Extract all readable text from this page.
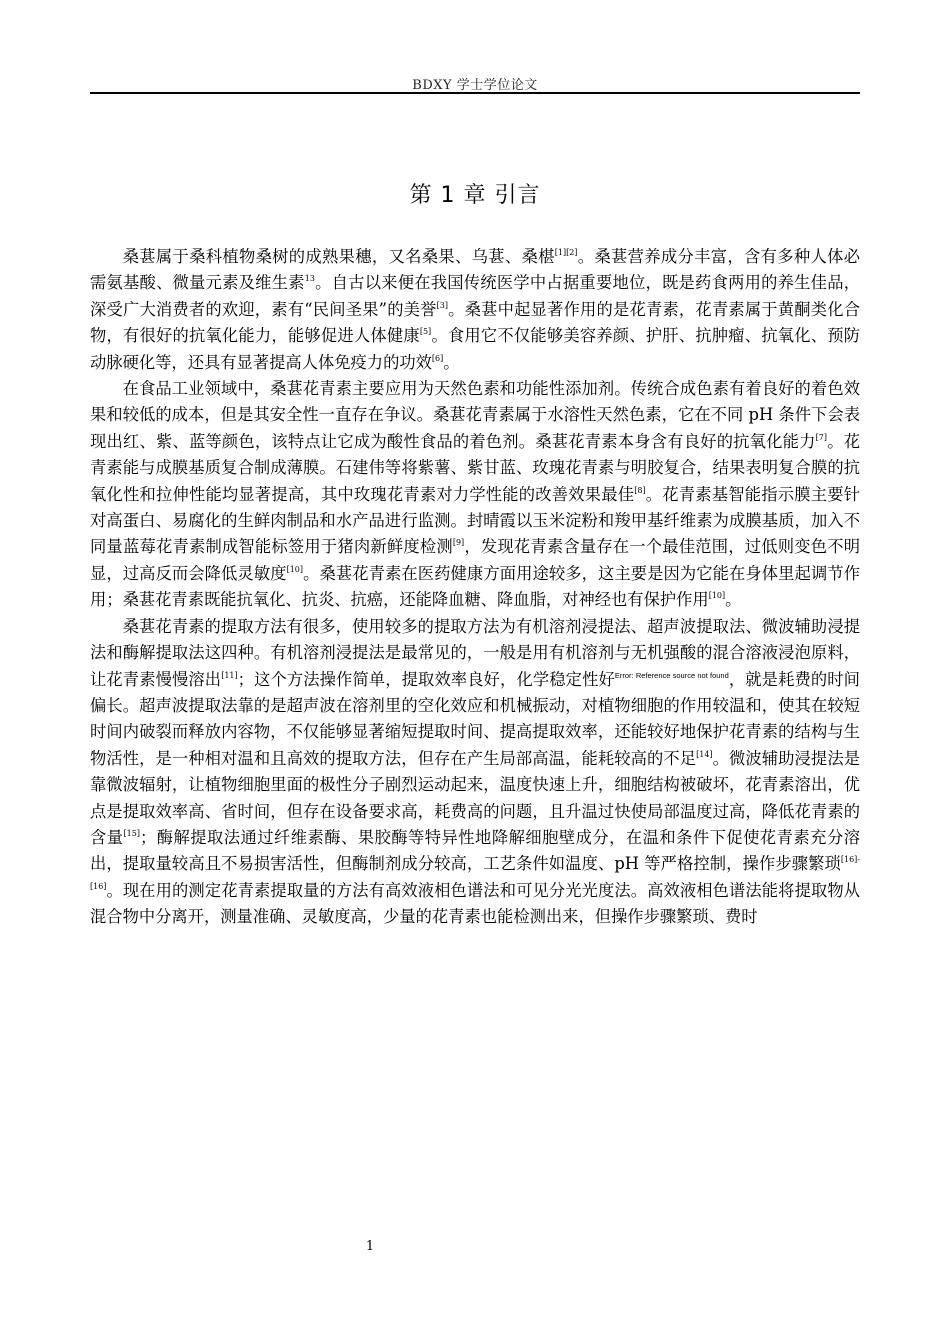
BDXY 学士学位论文
第 1 章 引言

桑葚属于桑科植物桑树的成熟果穗，又名桑果、乌葚、桑椹[1][2]。桑葚营养成分丰富，含有多种人体必需氨基酸、微量元素及维生素$^{13}$。自古以来便在我国传统医学中占据重要地位，既是药食两用的养生佳品，深受广大消费者的欢迎，素有“民间圣果”的美誉[3]。桑葚中起显著作用的是花青素，花青素属于黄酮类化合物，有很好的抗氧化能力，能够促进人体健康[5]。食用它不仅能够美容养颜、护肝、抗肿瘤、抗氧化、预防动脉硬化等，还具有显著提高人体免疫力的功效[6]。

在食品工业领域中，桑葚花青素主要应用为天然色素和功能性添加剂。传统合成色素有着良好的着色效果和较低的成本，但是其安全性一直存在争议。桑葚花青素属于水溶性天然色素，它在不同 pH 条件下会表现出红、紫、蓝等颜色，该特点让它成为酸性食品的着色剂。桑葚花青素本身含有良好的抗氧化能力[7]。花青素能与成膜基质复合制成薄膜。石建伟等将紫薯、紫甘蓝、玫瑰花青素与明胶复合，结果表明复合膜的抗氧化性和拉伸性能均显著提高，其中玫瑰花青素对力学性能的改善效果最佳[8]。花青素基智能指示膜主要针对高蛋白、易腐化的生鲜肉制品和水产品进行监测。封晴霞以玉米淀粉和羧甲基纤维素为成膜基质，加入不同量蓝莓花青素制成智能标签用于猪肉新鲜度检测[9]，发现花青素含量存在一个最佳范围，过低则变色不明显，过高反而会降低灵敏度[10]。桑葚花青素在医药健康方面用途较多，这主要是因为它能在身体里起调节作用；桑葚花青素既能抗氧化、抗炎、抗癌，还能降血糖、降血脂，对神经也有保护作用[10]。

桑葚花青素的提取方法有很多，使用较多的提取方法为有机溶剂浸提法、超声波提取法、微波辅助浸提法和酶解提取法这四种。有机溶剂浸提法是最常见的，一般是用有机溶剂与无机强酸的混合溶液浸泡原料，让花青素慢慢溶出[11]；这个方法操作简单，提取效率良好，化学稳定性好$^{Error: Reference source not found}$，就是耗费的时间偏长。超声波提取法靠的是超声波在溶剂里的空化效应和机械振动，对植物细胞的作用较温和，使其在较短时间内破裂而释放内容物，不仅能够显著缩短提取时间、提高提取效率，还能较好地保护花青素的结构与生物活性，是一种相对温和且高效的提取方法，但存在产生局部高温，能耗较高的不足[14]。微波辅助浸提法是靠微波辐射，让植物细胞里面的极性分子剧烈运动起来，温度快速上升，细胞结构被破坏，花青素溶出，优点是提取效率高、省时间，但存在设备要求高，耗费高的问题，且升温过快使局部温度过高，降低花青素的含量[15]；酶解提取法通过纤维素酶、果胶酶等特异性地降解细胞壁成分，在温和条件下促使花青素充分溶出，提取量较高且不易损害活性，但酶制剂成分较高，工艺条件如温度、pH 等严格控制，操作步骤繁琐[16]-[16]。现在用的测定花青素提取量的方法有高效液相色谱法和可见分光光度法。高效液相色谱法能将提取物从混合物中分离开，测量准确、灵敏度高，少量的花青素也能检测出来，但操作步骤繁琐、费时

1
